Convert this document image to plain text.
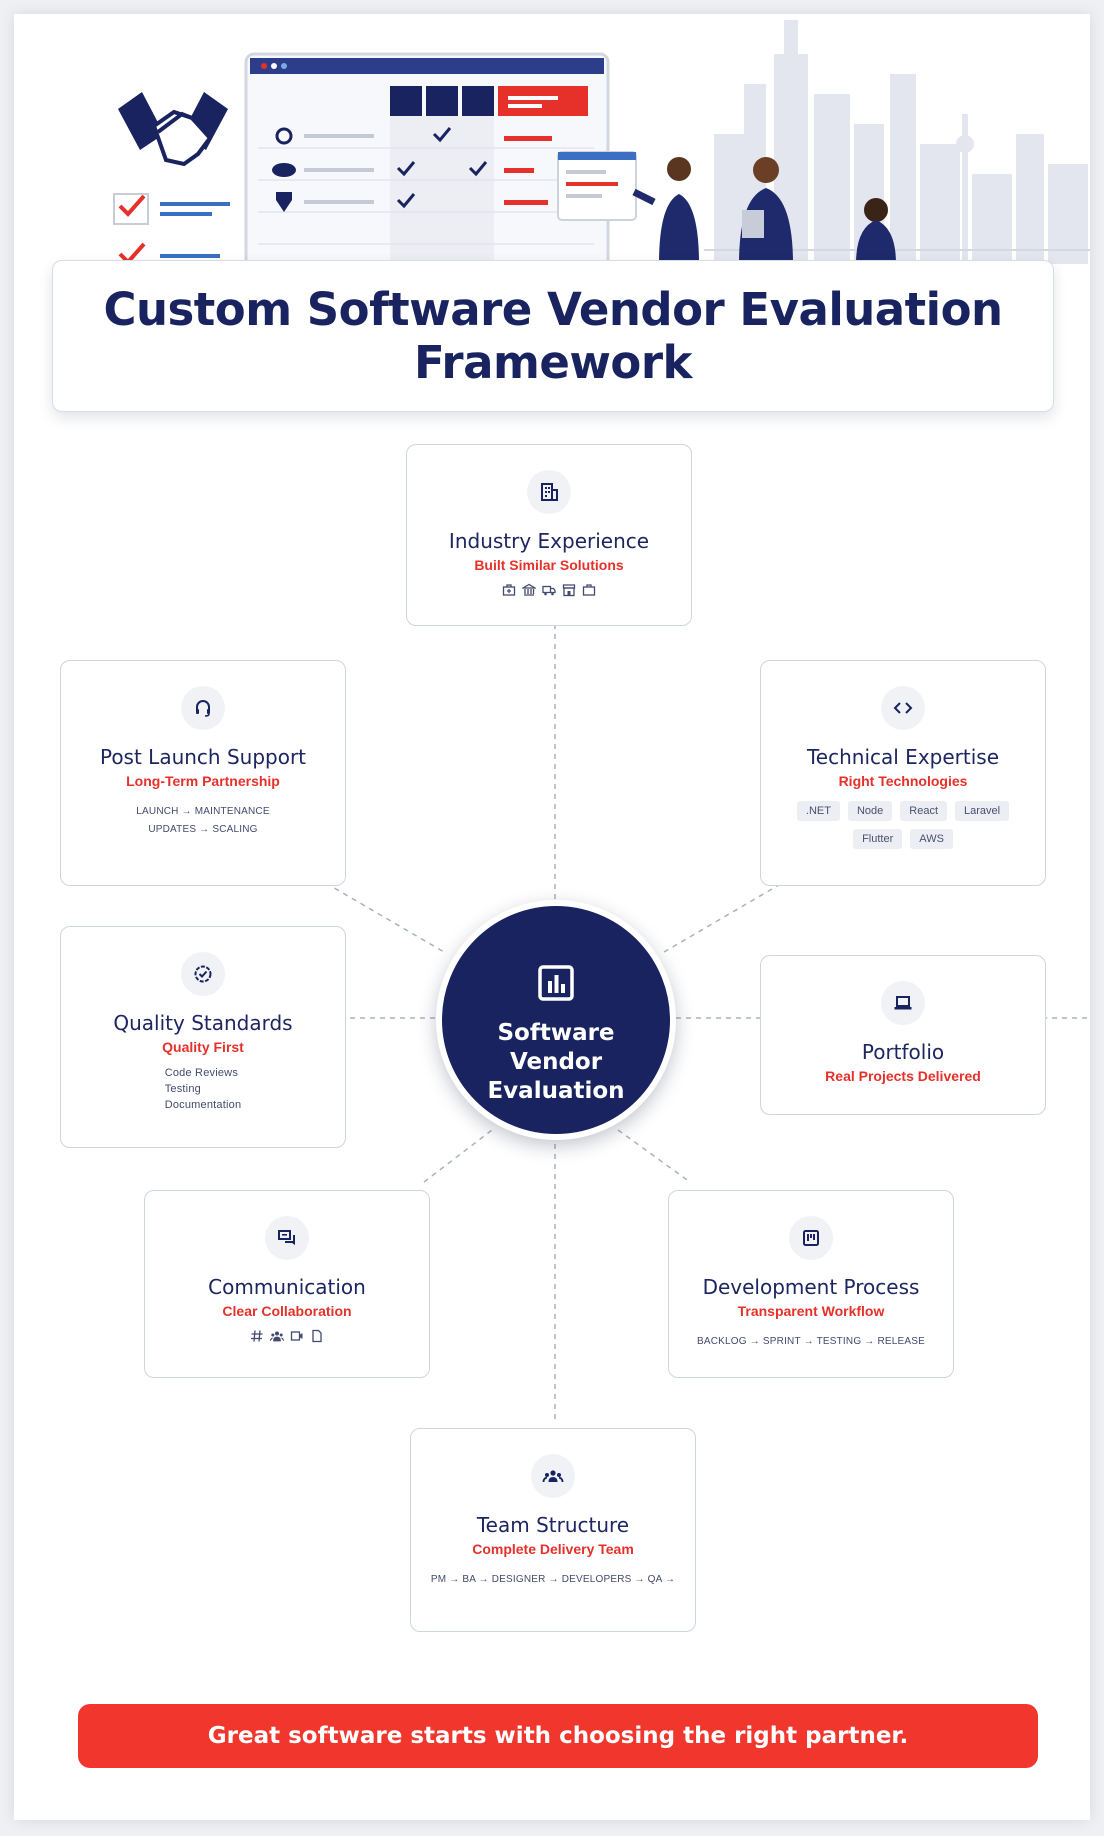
Custom Software Vendor Evaluation Framework
Industry Experience
Built Similar Solutions
Post Launch Support
Long-Term Partnership
LAUNCH → MAINTENANCE
UPDATES → SCALING
Technical Expertise
Right Technologies
.NET	Node	React	Laravel
Flutter	AWS
Quality Standards
Quality First
Code Reviews
Testing
Documentation
Portfolio
Real Projects Delivered
Software Vendor Evaluation
Communication
Clear Collaboration
Development Process
Transparent Workflow
BACKLOG → SPRINT → TESTING → RELEASE
Team Structure
Complete Delivery Team
PM → BA → DESIGNER → DEVELOPERS → QA →
Great software starts with choosing the right partner.
